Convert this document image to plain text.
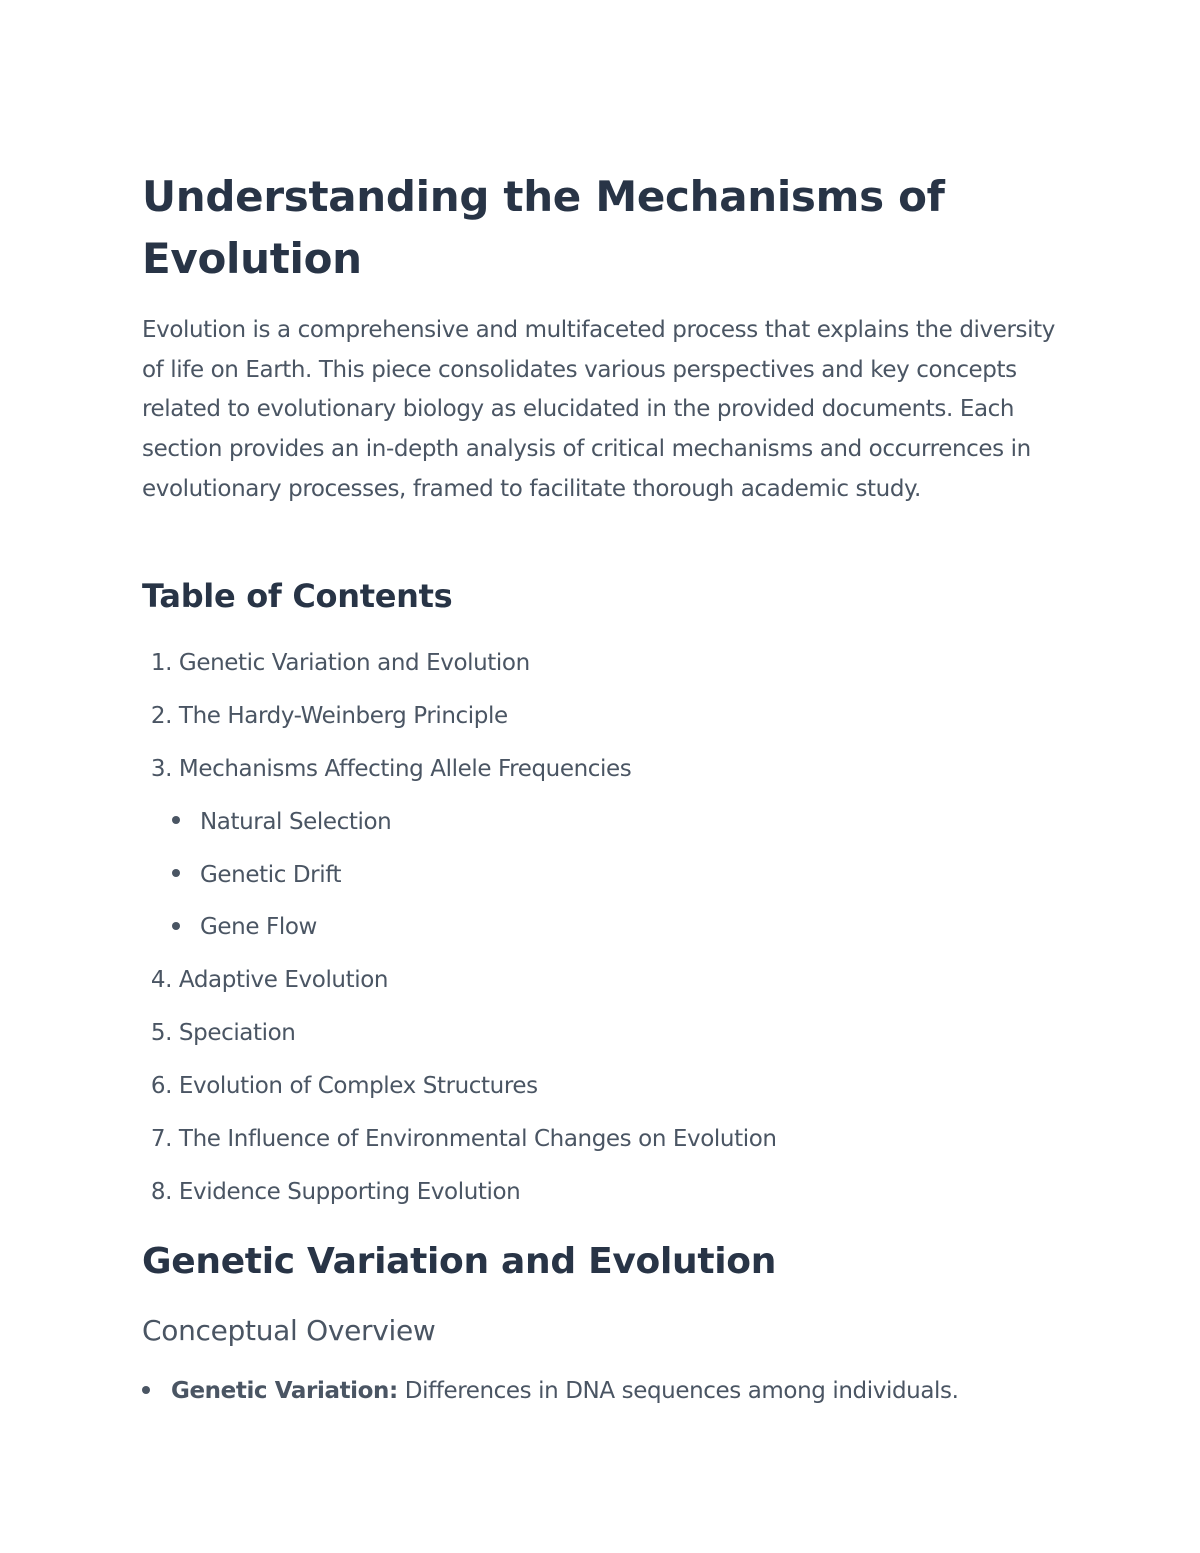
Understanding the Mechanisms of Evolution

Evolution is a comprehensive and multifaceted process that explains the diversity of life on Earth. This piece consolidates various perspectives and key concepts related to evolutionary biology as elucidated in the provided documents. Each section provides an in-depth analysis of critical mechanisms and occurrences in evolutionary processes, framed to facilitate thorough academic study.

Table of Contents
1. Genetic Variation and Evolution
2. The Hardy-Weinberg Principle
3. Mechanisms Affecting Allele Frequencies
Natural Selection
Genetic Drift
Gene Flow
4. Adaptive Evolution
5. Speciation
6. Evolution of Complex Structures
7. The Influence of Environmental Changes on Evolution
8. Evidence Supporting Evolution
Genetic Variation and Evolution
Conceptual Overview
Genetic Variation: Differences in DNA sequences among individuals.
